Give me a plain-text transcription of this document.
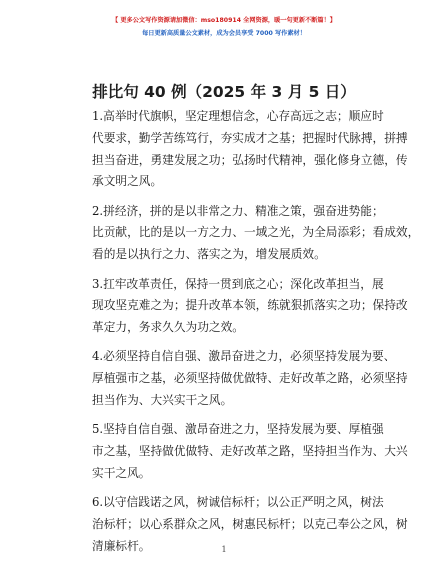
【 更多公文写作资源请加微信：mso180914 全网资源，暖一句更新不断篇！】
每日更新高质量公文素材，成为会员享受 7000 写作素材！
排比句 40 例（2025 年 3 月 5 日）
1.高举时代旗帜，坚定理想信念，心存高远之志；顺应时
代要求，勤学苦练笃行，夯实成才之基；把握时代脉搏，拼搏
担当奋进，勇建发展之功；弘扬时代精神，强化修身立德，传
承文明之风。
2.拼经济，拼的是以非常之力、精准之策，强奋进势能；
比贡献，比的是以一方之力、一域之光，为全局添彩；看成效，
看的是以执行之力、落实之为，增发展质效。
3.扛牢改革责任，保持一贯到底之心；深化改革担当，展
现攻坚克难之为；提升改革本领，练就狠抓落实之功；保持改
革定力，务求久久为功之效。
4.必须坚持自信自强、激昂奋进之力，必须坚持发展为要、
厚植强市之基，必须坚持做优做特、走好改革之路，必须坚持
担当作为、大兴实干之风。
5.坚持自信自强、激昂奋进之力，坚持发展为要、厚植强
市之基，坚持做优做特、走好改革之路，坚持担当作为、大兴
实干之风。
6.以守信践诺之风，树诚信标杆；以公正严明之风，树法
治标杆；以心系群众之风，树惠民标杆；以克己奉公之风，树
清廉标杆。	1
